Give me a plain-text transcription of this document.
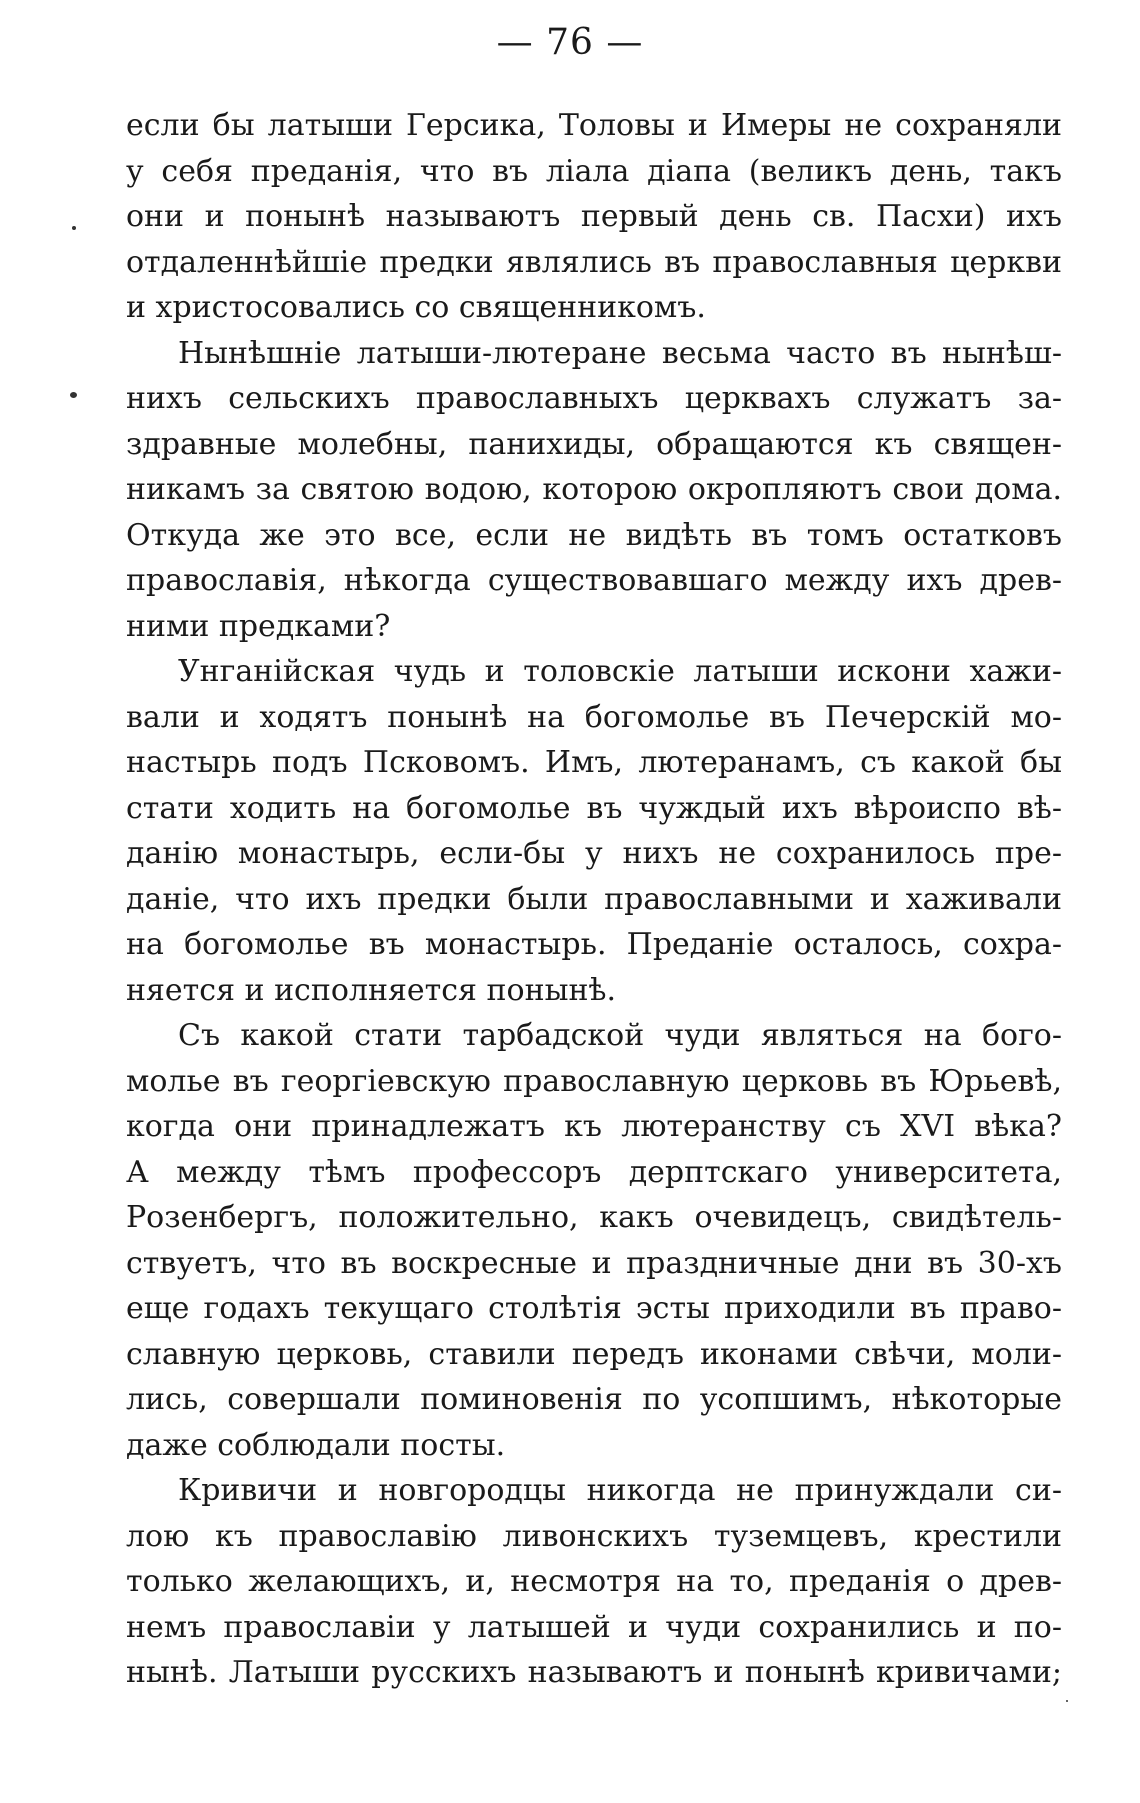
— 76 —
если бы латыши Герсика, Толовы и Имеры не сохраняли
у себя преданія, что въ ліала діапа (великъ день, такъ
они и понынѣ называютъ первый день св. Пасхи) ихъ
отдаленнѣйшіе предки являлись въ православныя церкви
и христосовались со священникомъ.
Нынѣшніе латыши-лютеране весьма часто въ нынѣш-
нихъ сельскихъ православныхъ церквахъ служатъ за-
здравные молебны, панихиды, обращаются къ священ-
никамъ за святою водою, которою окропляютъ свои дома.
Откуда же это все, если не видѣть въ томъ остатковъ
православія, нѣкогда существовавшаго между ихъ древ-
ними предками?
Унганійская чудь и толовскіе латыши искони хажи-
вали и ходятъ понынѣ на богомолье въ Печерскій мо-
настырь подъ Псковомъ. Имъ, лютеранамъ, съ какой бы
стати ходить на богомолье въ чуждый ихъ вѣроиспо вѣ-
данію монастырь, если-бы у нихъ не сохранилось пре-
даніе, что ихъ предки были православными и хаживали
на богомолье въ монастырь. Преданіе осталось, сохра-
няется и исполняется понынѣ.
Съ какой стати тарбадской чуди являться на бого-
молье въ георгіевскую православную церковь въ Юрьевѣ,
когда они принадлежатъ къ лютеранству съ XVI вѣка?
А между тѣмъ профессоръ дерптскаго университета,
Розенбергъ, положительно, какъ очевидецъ, свидѣтель-
ствуетъ, что въ воскресные и праздничные дни въ 30-хъ
еще годахъ текущаго столѣтія эсты приходили въ право-
славную церковь, ставили передъ иконами свѣчи, моли-
лись, совершали поминовенія по усопшимъ, нѣкоторые
даже соблюдали посты.
Кривичи и новгородцы никогда не принуждали си-
лою къ православію ливонскихъ туземцевъ, крестили
только желающихъ, и, несмотря на то, преданія о древ-
немъ православіи у латышей и чуди сохранились и по-
нынѣ. Латыши русскихъ называютъ и понынѣ кривичами;
